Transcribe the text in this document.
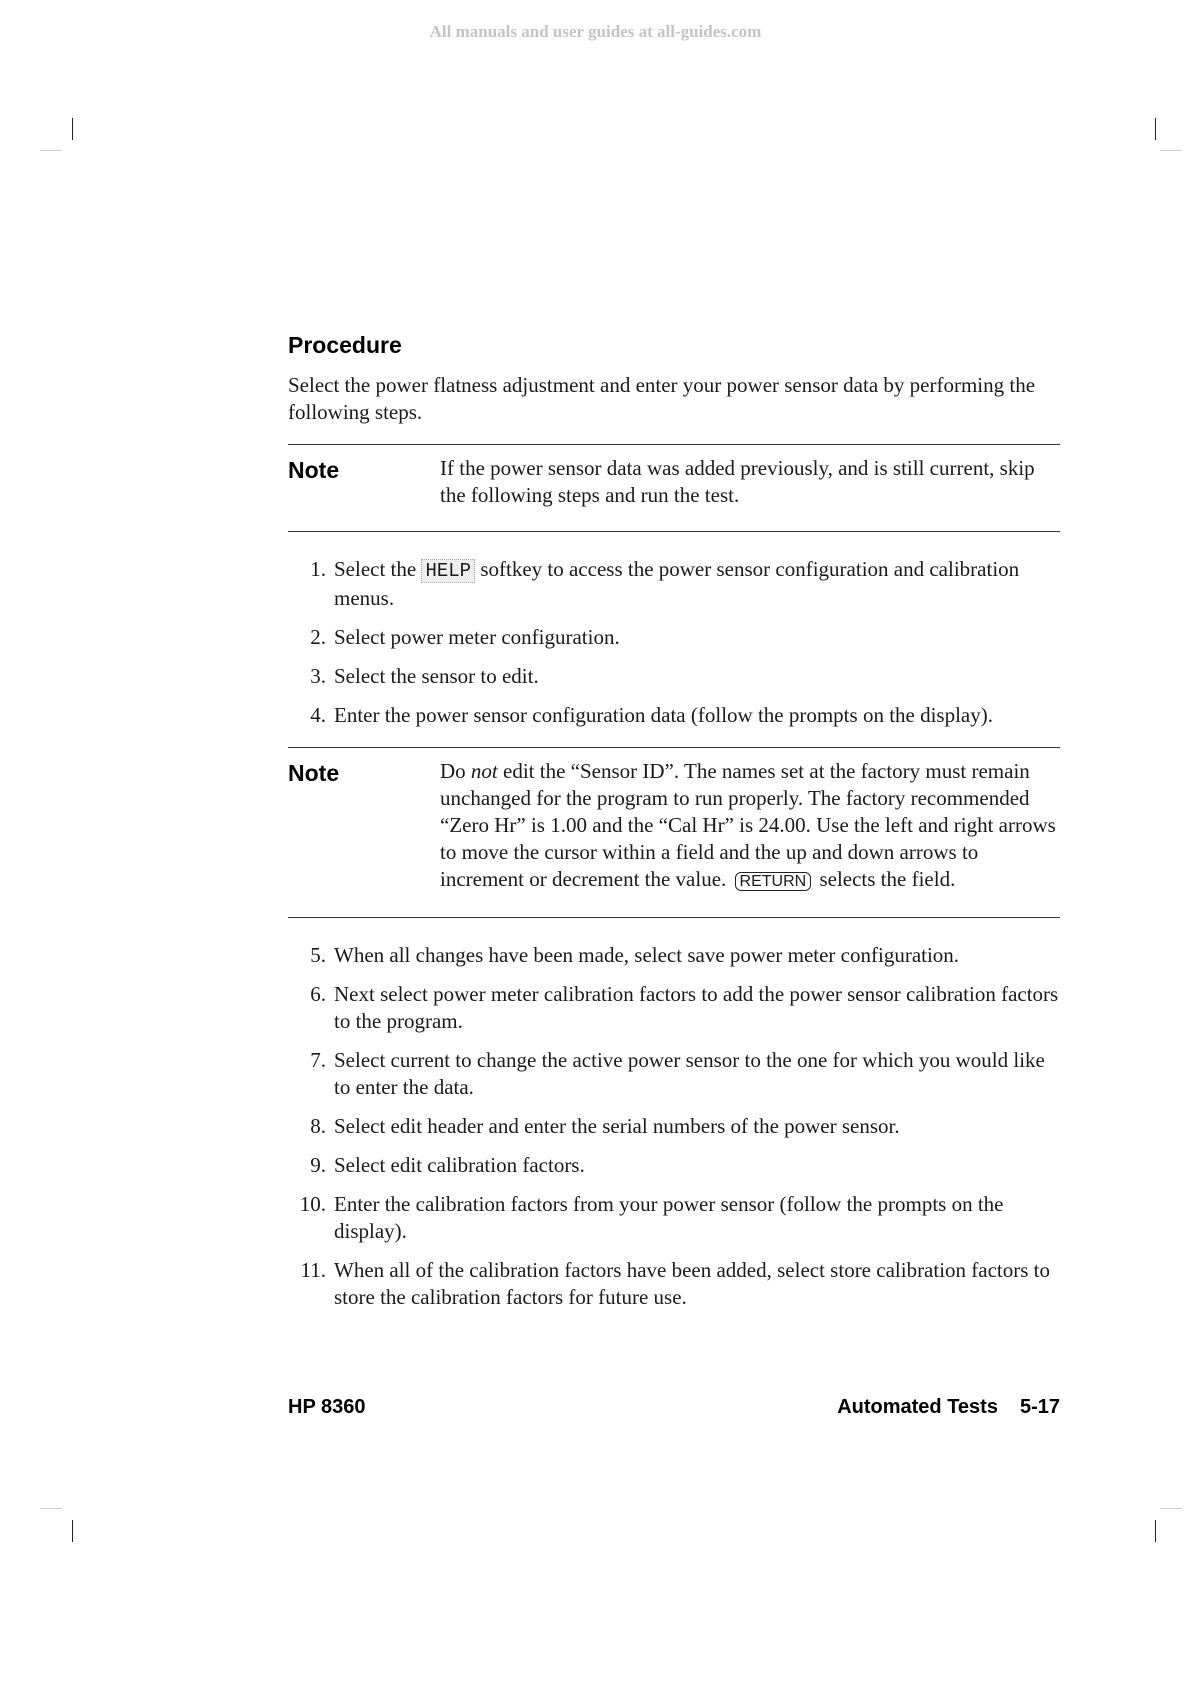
All manuals and user guides at all-guides.com
Procedure

Select the power flatness adjustment and enter your power sensor data by performing the following steps.

Note	If the power sensor data was added previously, and is still current, skip the following steps and run the test.
1. Select the HELP softkey to access the power sensor configuration and calibration menus.
2. Select power meter configuration.
3. Select the sensor to edit.
4. Enter the power sensor configuration data (follow the prompts on the display).
Note	Do not edit the “Sensor ID”. The names set at the factory must remain unchanged for the program to run properly. The factory recommended “Zero Hr” is 1.00 and the “Cal Hr” is 24.00. Use the left and right arrows to move the cursor within a field and the up and down arrows to increment or decrement the value. RETURN selects the field.
5. When all changes have been made, select save power meter configuration.
6. Next select power meter calibration factors to add the power sensor calibration factors to the program.
7. Select current to change the active power sensor to the one for which you would like to enter the data.
8. Select edit header and enter the serial numbers of the power sensor.
9. Select edit calibration factors.
10. Enter the calibration factors from your power sensor (follow the prompts on the display).
11. When all of the calibration factors have been added, select store calibration factors to store the calibration factors for future use.
HP 8360	Automated Tests 5-17
